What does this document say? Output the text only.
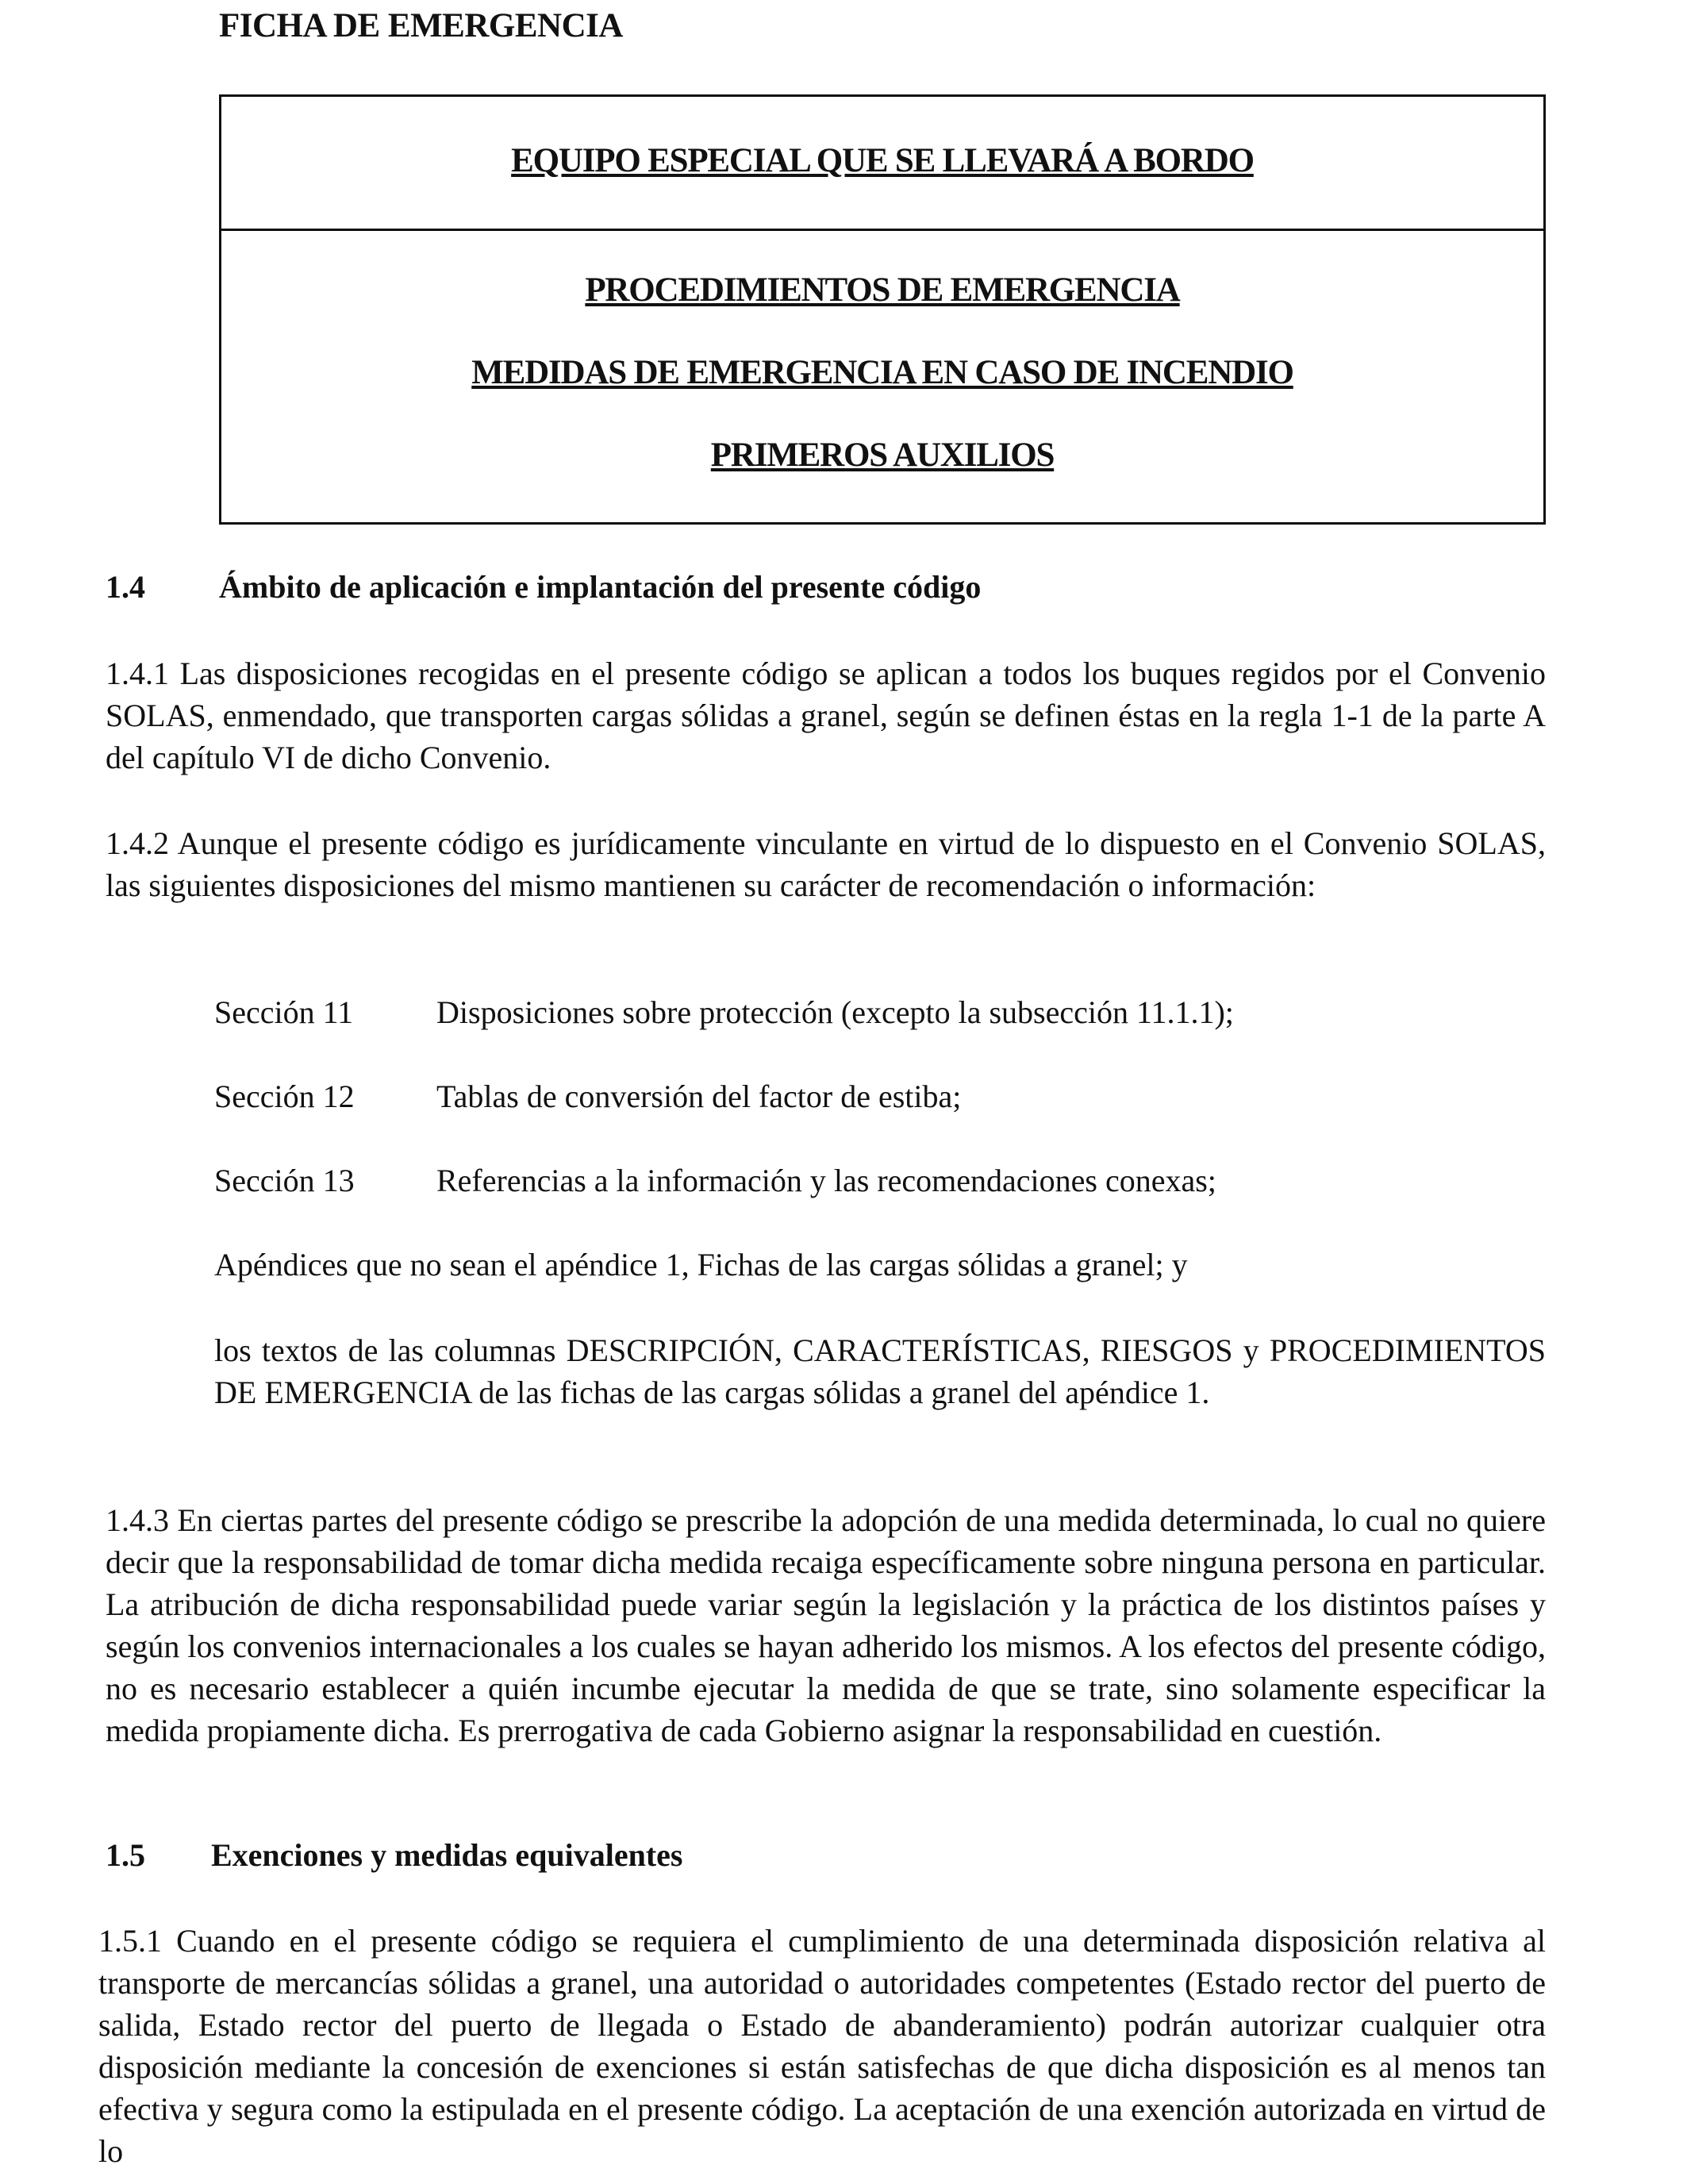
FICHA DE EMERGENCIA
EQUIPO ESPECIAL QUE SE LLEVARÁ A BORDO
PROCEDIMIENTOS DE EMERGENCIA
MEDIDAS DE EMERGENCIA EN CASO DE INCENDIO
PRIMEROS AUXILIOS
1.4 Ámbito de aplicación e implantación del presente código
1.4.1 Las disposiciones recogidas en el presente código se aplican a todos los buques regidos por el Convenio SOLAS, enmendado, que transporten cargas sólidas a granel, según se definen éstas en la regla 1-1 de la parte A del capítulo VI de dicho Convenio.
1.4.2 Aunque el presente código es jurídicamente vinculante en virtud de lo dispuesto en el Convenio SOLAS, las siguientes disposiciones del mismo mantienen su carácter de recomendación o información:
Sección 11	Disposiciones sobre protección (excepto la subsección 11.1.1);
Sección 12	Tablas de conversión del factor de estiba;
Sección 13	Referencias a la información y las recomendaciones conexas;
Apéndices que no sean el apéndice 1, Fichas de las cargas sólidas a granel; y
los textos de las columnas DESCRIPCIÓN, CARACTERÍSTICAS, RIESGOS y PROCEDIMIENTOS DE EMERGENCIA de las fichas de las cargas sólidas a granel del apéndice 1.
1.4.3 En ciertas partes del presente código se prescribe la adopción de una medida determinada, lo cual no quiere decir que la responsabilidad de tomar dicha medida recaiga específicamente sobre ninguna persona en particular. La atribución de dicha responsabilidad puede variar según la legislación y la práctica de los distintos países y según los convenios internacionales a los cuales se hayan adherido los mismos. A los efectos del presente código, no es necesario establecer a quién incumbe ejecutar la medida de que se trate, sino solamente especificar la medida propiamente dicha. Es prerrogativa de cada Gobierno asignar la responsabilidad en cuestión.
1.5 Exenciones y medidas equivalentes
1.5.1 Cuando en el presente código se requiera el cumplimiento de una determinada disposición relativa al transporte de mercancías sólidas a granel, una autoridad o autoridades competentes (Estado rector del puerto de salida, Estado rector del puerto de llegada o Estado de abanderamiento) podrán autorizar cualquier otra disposición mediante la concesión de exenciones si están satisfechas de que dicha disposición es al menos tan efectiva y segura como la estipulada en el presente código. La aceptación de una exención autorizada en virtud de lo
